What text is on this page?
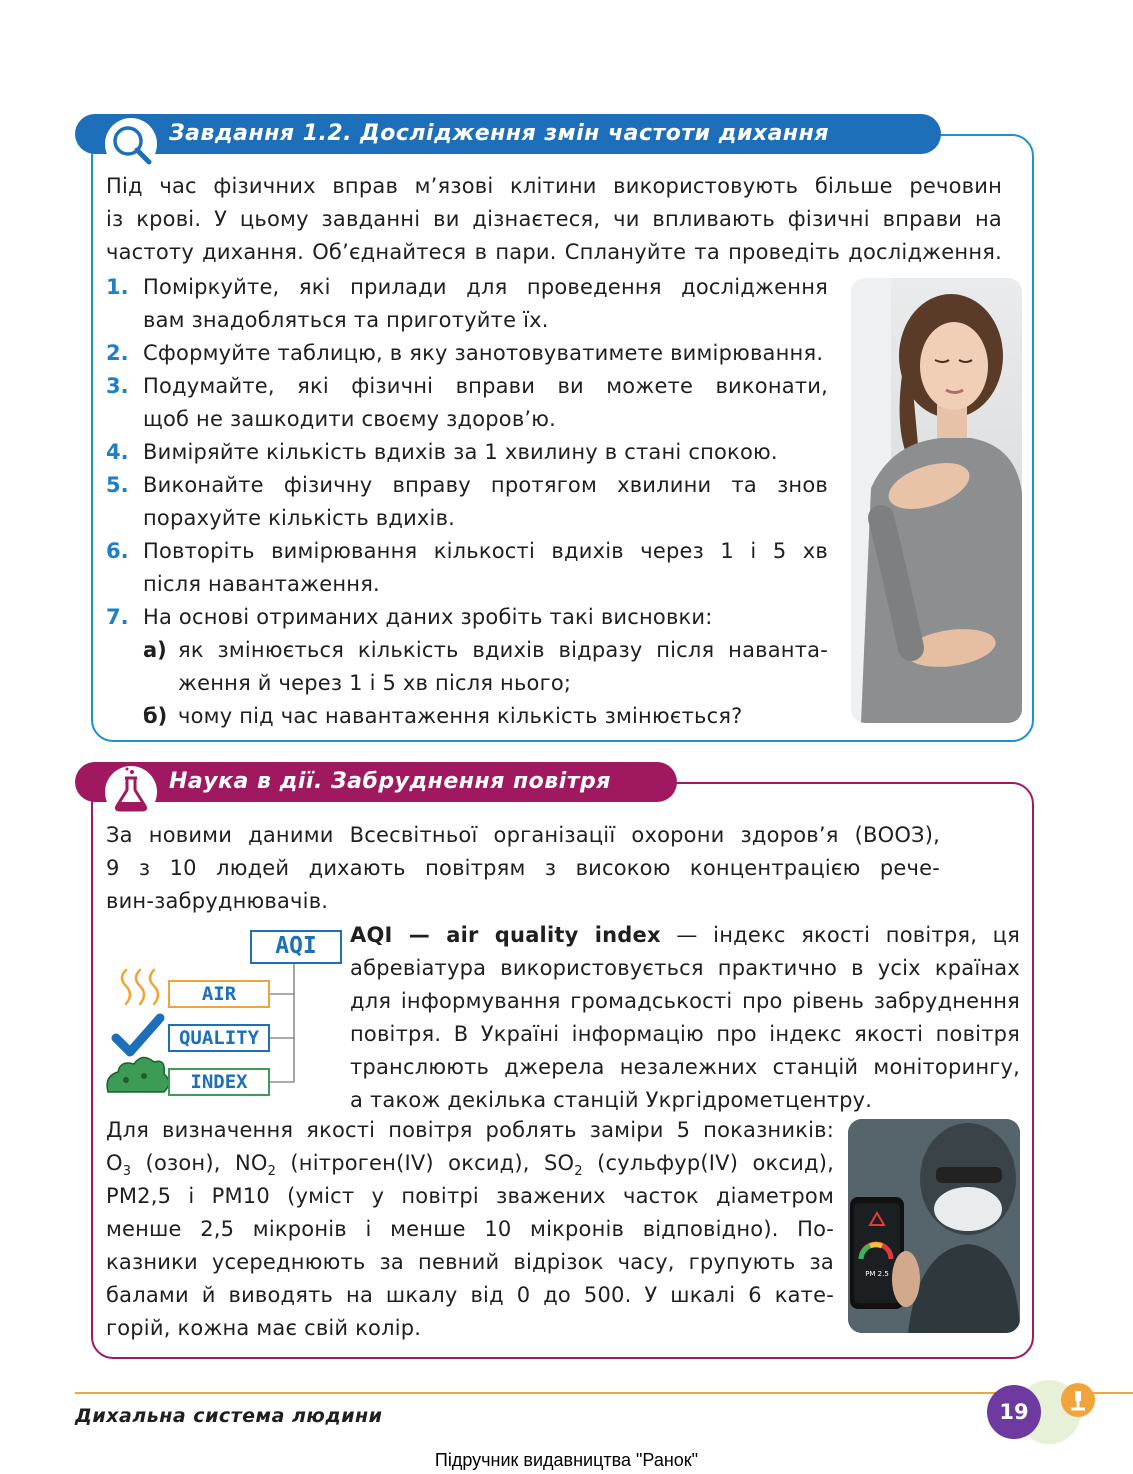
Завдання 1.2. Дослідження змін частоти дихання
Під час фізичних вправ м’язові клітини використовують більше речовин
із крові. У цьому завданні ви дізнаєтеся, чи впливають фізичні вправи на
частоту дихання. Об’єднайтеся в пари. Сплануйте та проведіть дослідження.
1. Поміркуйте, які прилади для проведення дослідження
вам знадобляться та приготуйте їх.
2. Сформуйте таблицю, в яку занотовуватимете вимірювання.
3. Подумайте, які фізичні вправи ви можете виконати,
щоб не зашкодити своєму здоров’ю.
4. Виміряйте кількість вдихів за 1 хвилину в стані спокою.
5. Виконайте фізичну вправу протягом хвилини та знов
порахуйте кількість вдихів.
6. Повторіть вимірювання кількості вдихів через 1 і 5 хв
після навантаження.
7. На основі отриманих даних зробіть такі висновки:
а) як змінюється кількість вдихів відразу після наванта-
ження й через 1 і 5 хв після нього;
б) чому під час навантаження кількість змінюється?
Наука в дії. Забруднення повітря
За новими даними Всесвітньої організації охорони здоров’я (ВООЗ),
9 з 10 людей дихають повітрям з високою концентрацією рече-
вин-забруднювачів.
AQI
AIR
QUALITY
INDEX
AQI — air quality index — індекс якості повітря, ця
абревіатура використовується практично в усіх країнах
для інформування громадськості про рівень забруднення
повітря. В Україні інформацію про індекс якості повітря
транслюють джерела незалежних станцій моніторингу,
а також декілька станцій Укргідрометцентру.
Для визначення якості повітря роблять заміри 5 показників:
$O_3$ (озон), $NO_2$ (нітроген(IV) оксид), $SO_2$ (сульфур(IV) оксид),
PM2,5 і PM10 (уміст у повітрі зважених часток діаметром
менше 2,5 мікронів і менше 10 мікронів відповідно). По-
казники усереднюють за певний відрізок часу, групують за
балами й виводять на шкалу від 0 до 500. У шкалі 6 кате-
горій, кожна має свій колір.
PM 2.5
Дихальна система людини	19
Підручник видавництва "Ранок"
